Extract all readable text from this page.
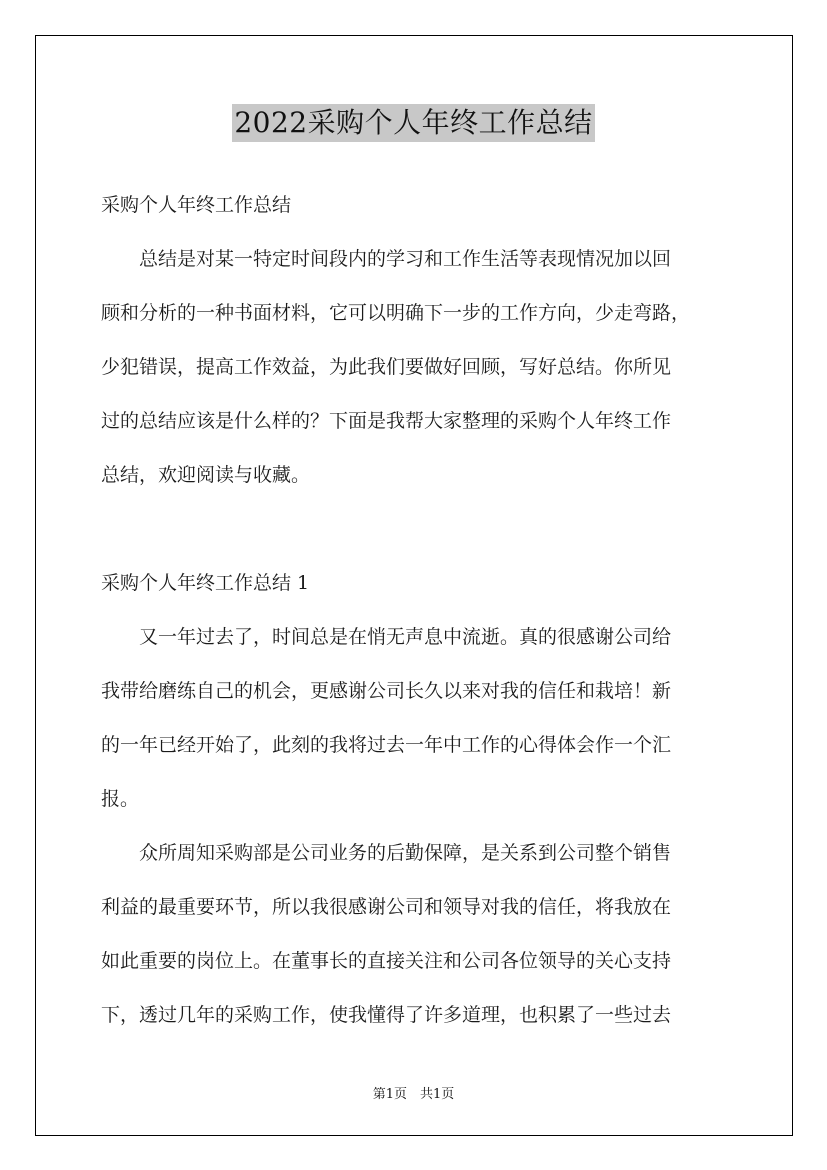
2022采购个人年终工作总结
采购个人年终工作总结
　　总结是对某一特定时间段内的学习和工作生活等表现情况加以回
顾和分析的一种书面材料，它可以明确下一步的工作方向，少走弯路，
少犯错误，提高工作效益，为此我们要做好回顾，写好总结。你所见
过的总结应该是什么样的？下面是我帮大家整理的采购个人年终工作
总结，欢迎阅读与收藏。
采购个人年终工作总结 1
　　又一年过去了，时间总是在悄无声息中流逝。真的很感谢公司给
我带给磨练自己的机会，更感谢公司长久以来对我的信任和栽培！新
的一年已经开始了，此刻的我将过去一年中工作的心得体会作一个汇
报。
　　众所周知采购部是公司业务的后勤保障，是关系到公司整个销售
利益的最重要环节，所以我很感谢公司和领导对我的信任，将我放在
如此重要的岗位上。在董事长的直接关注和公司各位领导的关心支持
下，透过几年的采购工作，使我懂得了许多道理，也积累了一些过去
第1页　共1页
